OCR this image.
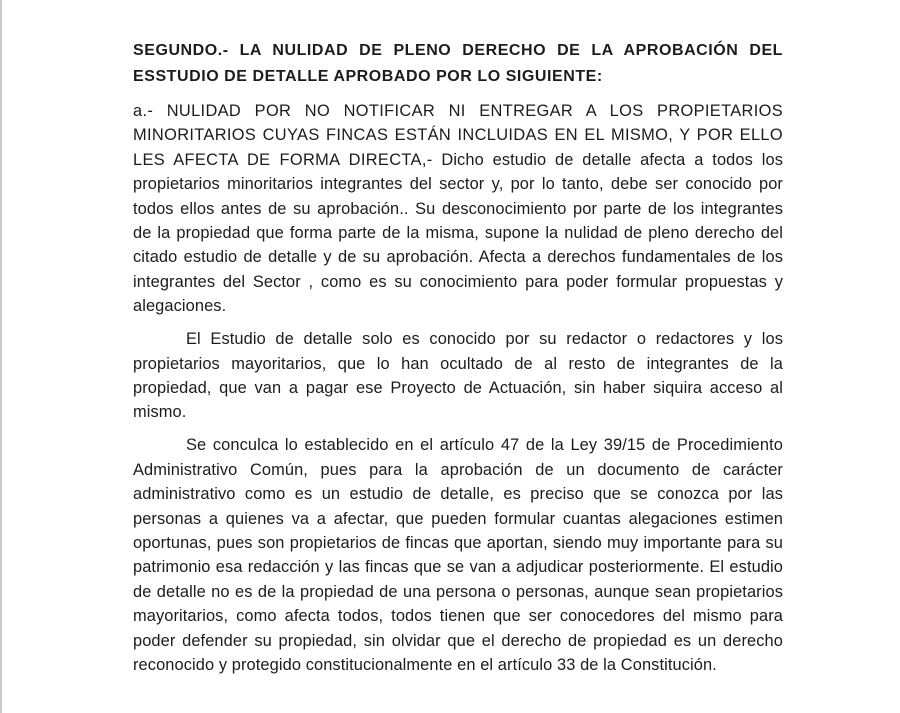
SEGUNDO.- LA NULIDAD DE PLENO DERECHO DE LA APROBACIÓN DEL ESSTUDIO DE DETALLE APROBADO POR LO SIGUIENTE:

a.- NULIDAD POR NO NOTIFICAR NI ENTREGAR A LOS PROPIETARIOS MINORITARIOS CUYAS FINCAS ESTÁN INCLUIDAS EN EL MISMO, Y POR ELLO LES AFECTA DE FORMA DIRECTA,- Dicho estudio de detalle afecta a todos los propietarios minoritarios integrantes del sector y, por lo tanto, debe ser conocido por todos ellos antes de su aprobación.. Su desconocimiento por parte de los integrantes de la propiedad que forma parte de la misma, supone la nulidad de pleno derecho del citado estudio de detalle y de su aprobación. Afecta a derechos fundamentales de los integrantes del Sector , como es su conocimiento para poder formular propuestas y alegaciones.

El Estudio de detalle solo es conocido por su redactor o redactores y los propietarios mayoritarios, que lo han ocultado de al resto de integrantes de la propiedad, que van a pagar ese Proyecto de Actuación, sin haber siquira acceso al mismo.

Se conculca lo establecido en el artículo 47 de la Ley 39/15 de Procedimiento Administrativo Común, pues para la aprobación de un documento de carácter administrativo como es un estudio de detalle, es preciso que se conozca por las personas a quienes va a afectar, que pueden formular cuantas alegaciones estimen oportunas, pues son propietarios de fincas que aportan, siendo muy importante para su patrimonio esa redacción y las fincas que se van a adjudicar posteriormente. El estudio de detalle no es de la propiedad de una persona o personas, aunque sean propietarios mayoritarios, como afecta todos, todos tienen que ser conocedores del mismo para poder defender su propiedad, sin olvidar que el derecho de propiedad es un derecho reconocido y protegido constitucionalmente en el artículo 33 de la Constitución.
